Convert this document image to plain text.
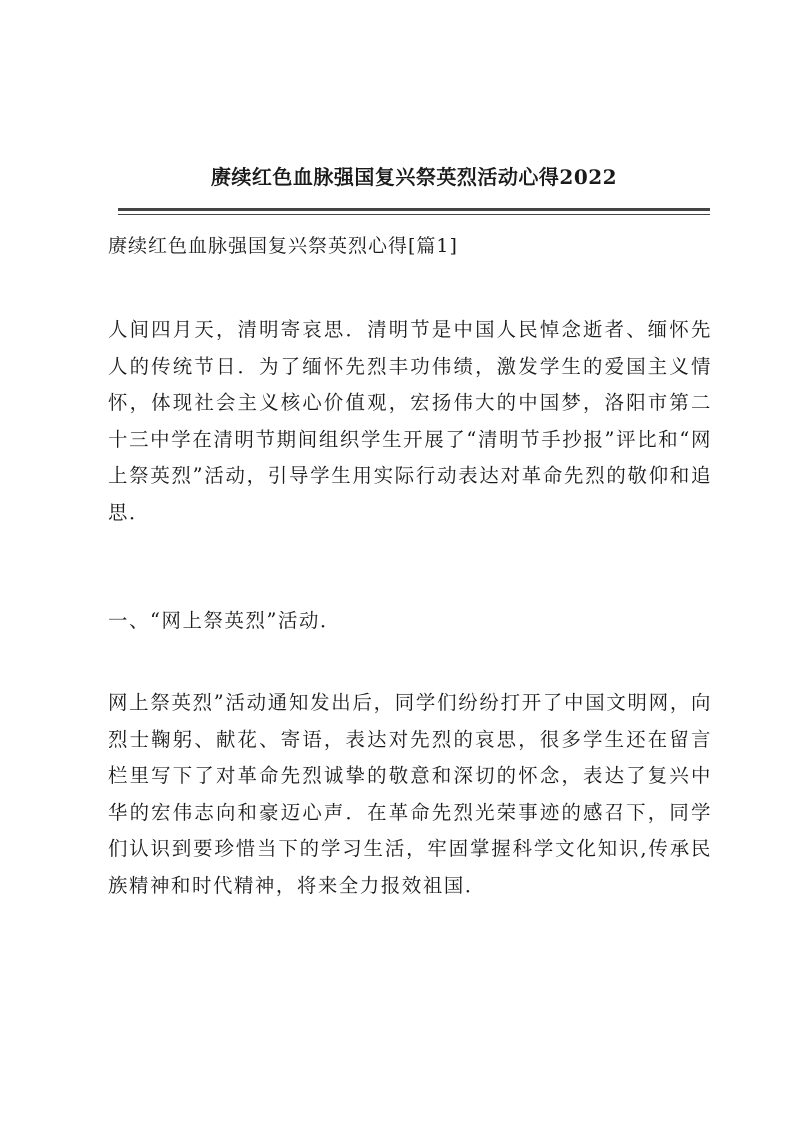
赓续红色血脉强国复兴祭英烈活动心得2022
赓续红色血脉强国复兴祭英烈心得[篇1]
人间四月天，清明寄哀思．清明节是中国人民悼念逝者、缅怀先人的传统节日．为了缅怀先烈丰功伟绩，激发学生的爱国主义情怀，体现社会主义核心价值观，宏扬伟大的中国梦，洛阳市第二十三中学在清明节期间组织学生开展了“清明节手抄报”评比和“网上祭英烈”活动，引导学生用实际行动表达对革命先烈的敬仰和追思．
一、“网上祭英烈”活动．
网上祭英烈”活动通知发出后，同学们纷纷打开了中国文明网，向烈士鞠躬、献花、寄语，表达对先烈的哀思，很多学生还在留言栏里写下了对革命先烈诚挚的敬意和深切的怀念，表达了复兴中华的宏伟志向和豪迈心声．在革命先烈光荣事迹的感召下，同学们认识到要珍惜当下的学习生活，牢固掌握科学文化知识,传承民族精神和时代精神，将来全力报效祖国．
